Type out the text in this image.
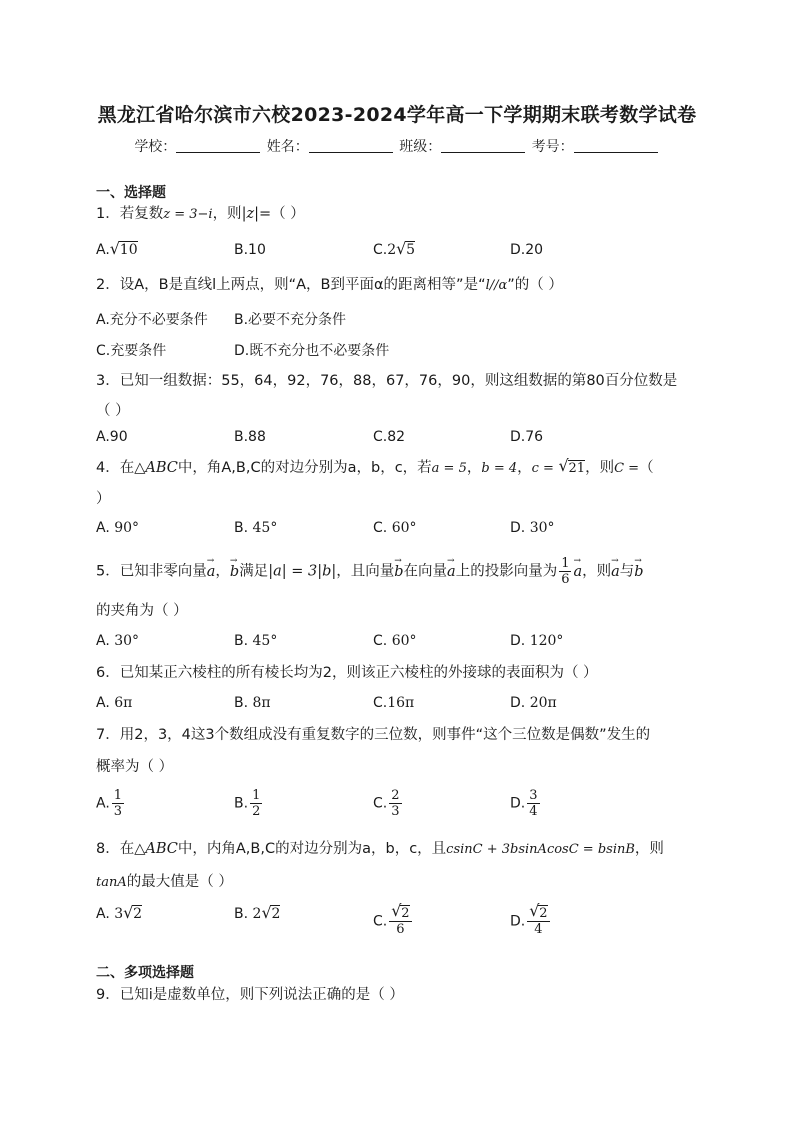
黑龙江省哈尔滨市六校2023-2024学年高一下学期期末联考数学试卷
学校：	姓名：	班级：	考号：
一、选择题
1．若复数z = 3−i，则|z|=（ ）
A.√ 10	B.10	C.2√ 5	D.20
2．设A，B是直线l上两点，则“A，B到平面α的距离相等”是“l//α”的（ ）
A.充分不必要条件 B.必要不充分条件
C.充要条件	D.既不充分也不必要条件
3．已知一组数据：55，64，92，76，88，67，76，90，则这组数据的第80百分位数是
（ ）
A.90	B.88	C.82	D.76
4．在△ABC中，角A,B,C的对边分别为a，b，c，若a = 5，b = 4，c = √ 21，则C =（
）
A. 90°	B. 45°	C. 60°	D. 30°
5．已知非零向量→ a，→ b满足|a| = 3|b|，且向量→ b在向量→ a上的投影向量为 $\frac{1}{6}$
→ a，则→ a与→ b
的夹角为（ ）
A. 30°	B. 45°	C. 60°	D. 120°
6．已知某正六棱柱的所有棱长均为2，则该正六棱柱的外接球的表面积为（ ）
A. 6π	B. 8π	C.16π	D. 20π
7．用2，3，4这3个数组成没有重复数字的三位数，则事件“这个三位数是偶数”发生的
概率为（ ）
A. $\frac{1}{3}$	B. $\frac{1}{2}$	C. $\frac{2}{3}$	D. $\frac{3}{4}$
8．在△ABC中，内角A,B,C的对边分别为a，b，c，且csinC + 3bsinAcosC = bsinB，则
tanA的最大值是（ ）
A. 3√ 2	B. 2√ 2	C.
√ $\frac{2}{6}$	D.
√ $\frac{2}{4}$
二、多项选择题
9．已知i是虚数单位，则下列说法正确的是（ ）
